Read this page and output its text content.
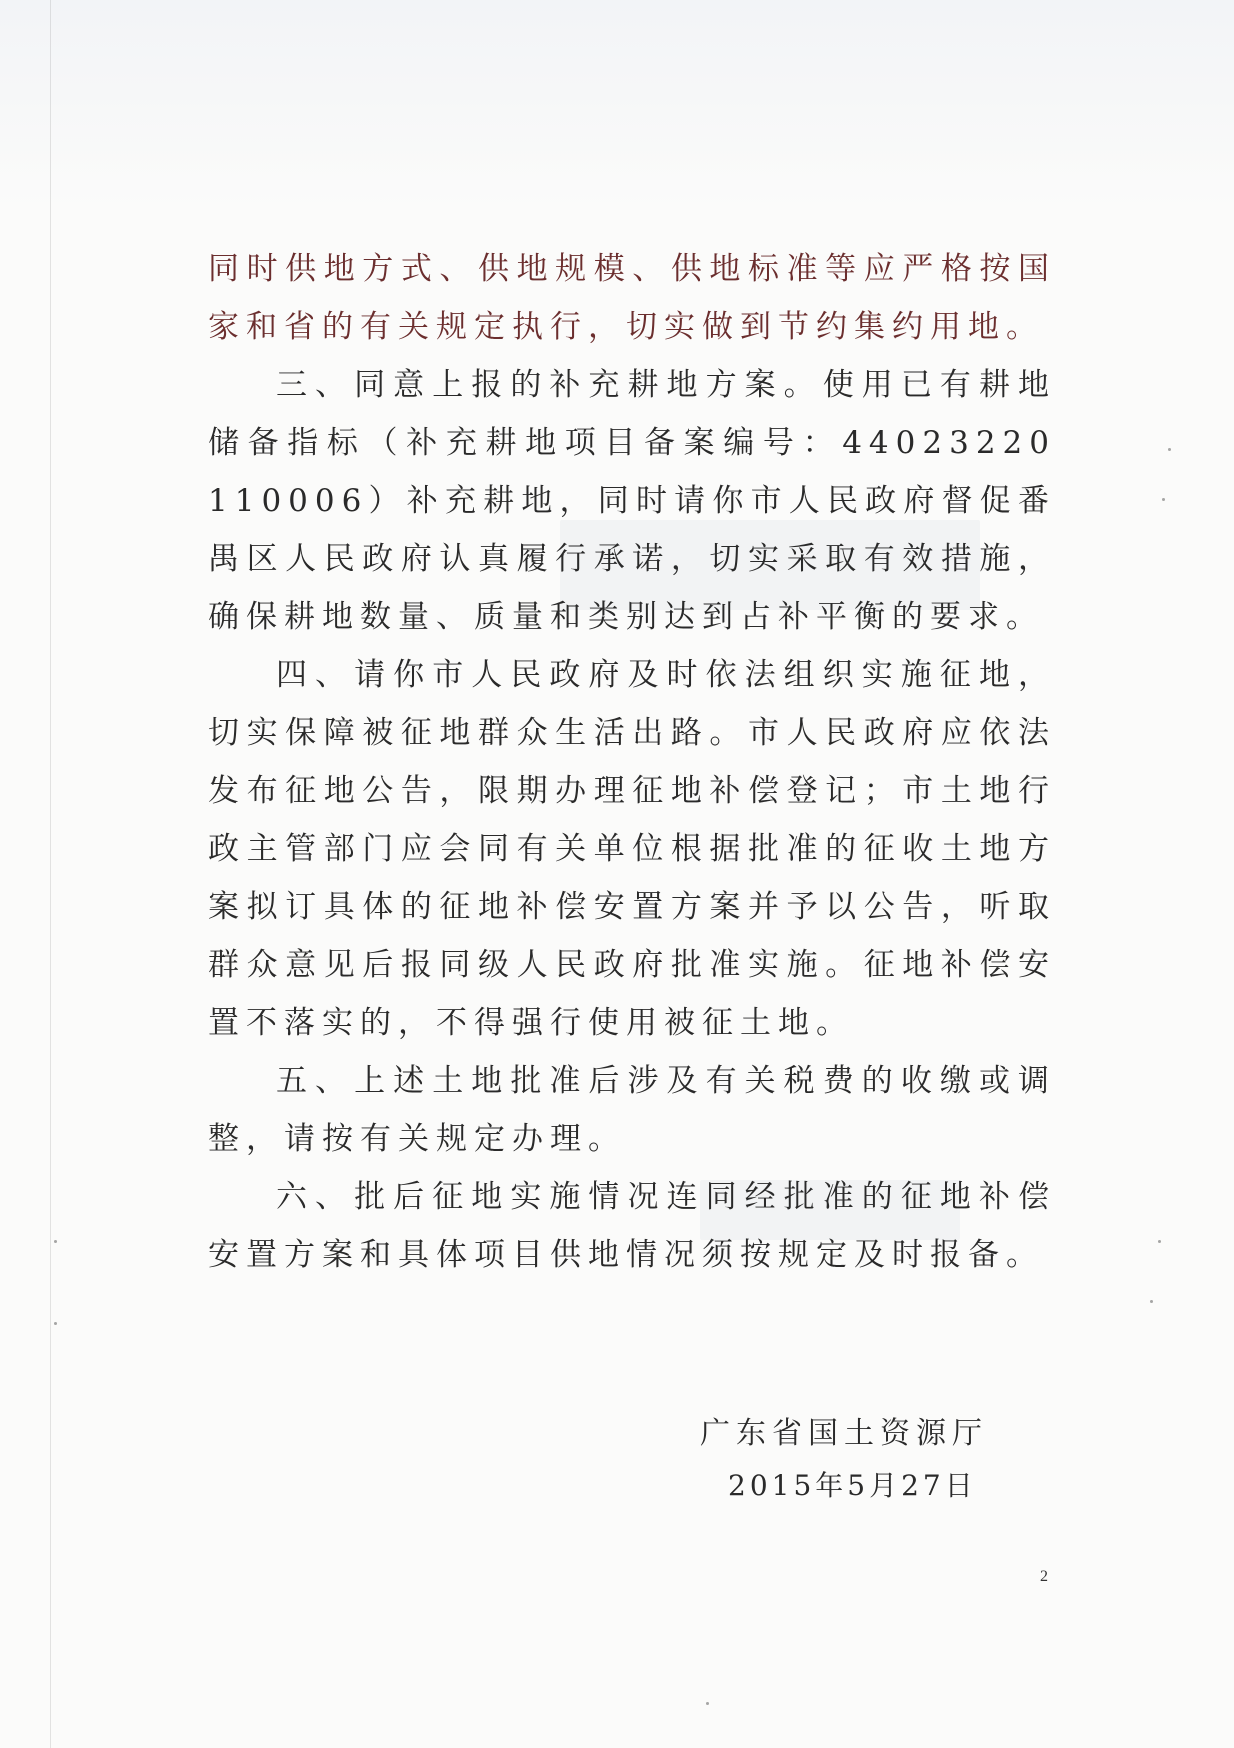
同时供地方式、供地规模、供地标准等应严格按国家和省的有关规定执行，切实做到节约集约用地。

三、同意上报的补充耕地方案。使用已有耕地储备指标（补充耕地项目备案编号：44023220110006）补充耕地，同时请你市人民政府督促番禺区人民政府认真履行承诺，切实采取有效措施，确保耕地数量、质量和类别达到占补平衡的要求。

四、请你市人民政府及时依法组织实施征地，切实保障被征地群众生活出路。市人民政府应依法发布征地公告，限期办理征地补偿登记；市土地行政主管部门应会同有关单位根据批准的征收土地方案拟订具体的征地补偿安置方案并予以公告，听取群众意见后报同级人民政府批准实施。征地补偿安置不落实的，不得强行使用被征土地。

五、上述土地批准后涉及有关税费的收缴或调整，请按有关规定办理。

六、批后征地实施情况连同经批准的征地补偿安置方案和具体项目供地情况须按规定及时报备。

广东省国土资源厅

2015年5月27日

2
